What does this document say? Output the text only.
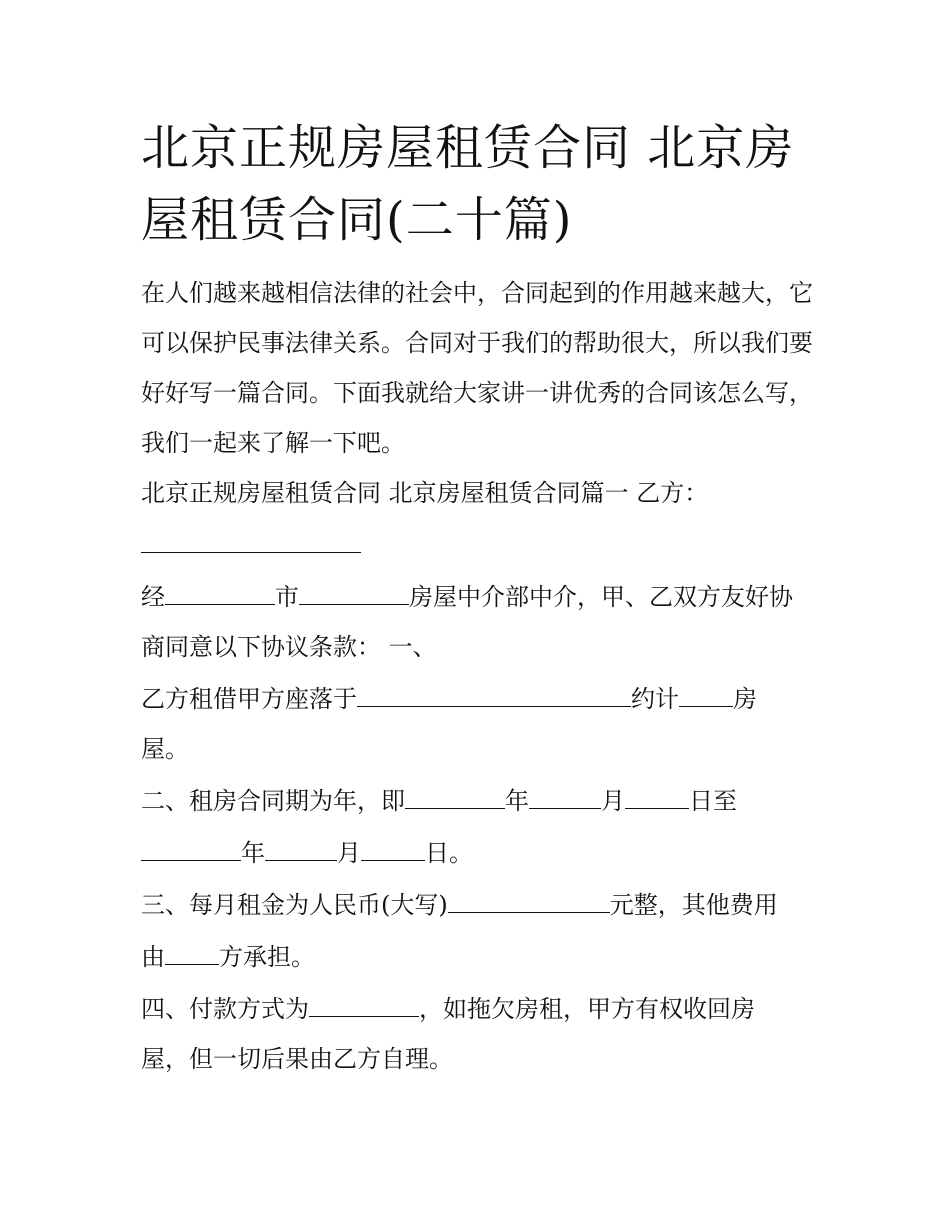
北京正规房屋租赁合同 北京房屋租赁合同(二十篇)

在人们越来越相信法律的社会中，合同起到的作用越来越大，它可以保护民事法律关系。合同对于我们的帮助很大，所以我们要好好写一篇合同。下面我就给大家讲一讲优秀的合同该怎么写，我们一起来了解一下吧。

北京正规房屋租赁合同 北京房屋租赁合同篇一 乙方：

经	市	房屋中介部中介，甲、乙双方友好协

商同意以下协议条款： 一、

乙方租借甲方座落于	约计 房

屋。

二、租房合同期为年，即	年	月	日至

年	月	日。

三、每月租金为人民币(大写)	元整，其他费用

由 方承担。

四、付款方式为	，如拖欠房租，甲方有权收回房

屋，但一切后果由乙方自理。
